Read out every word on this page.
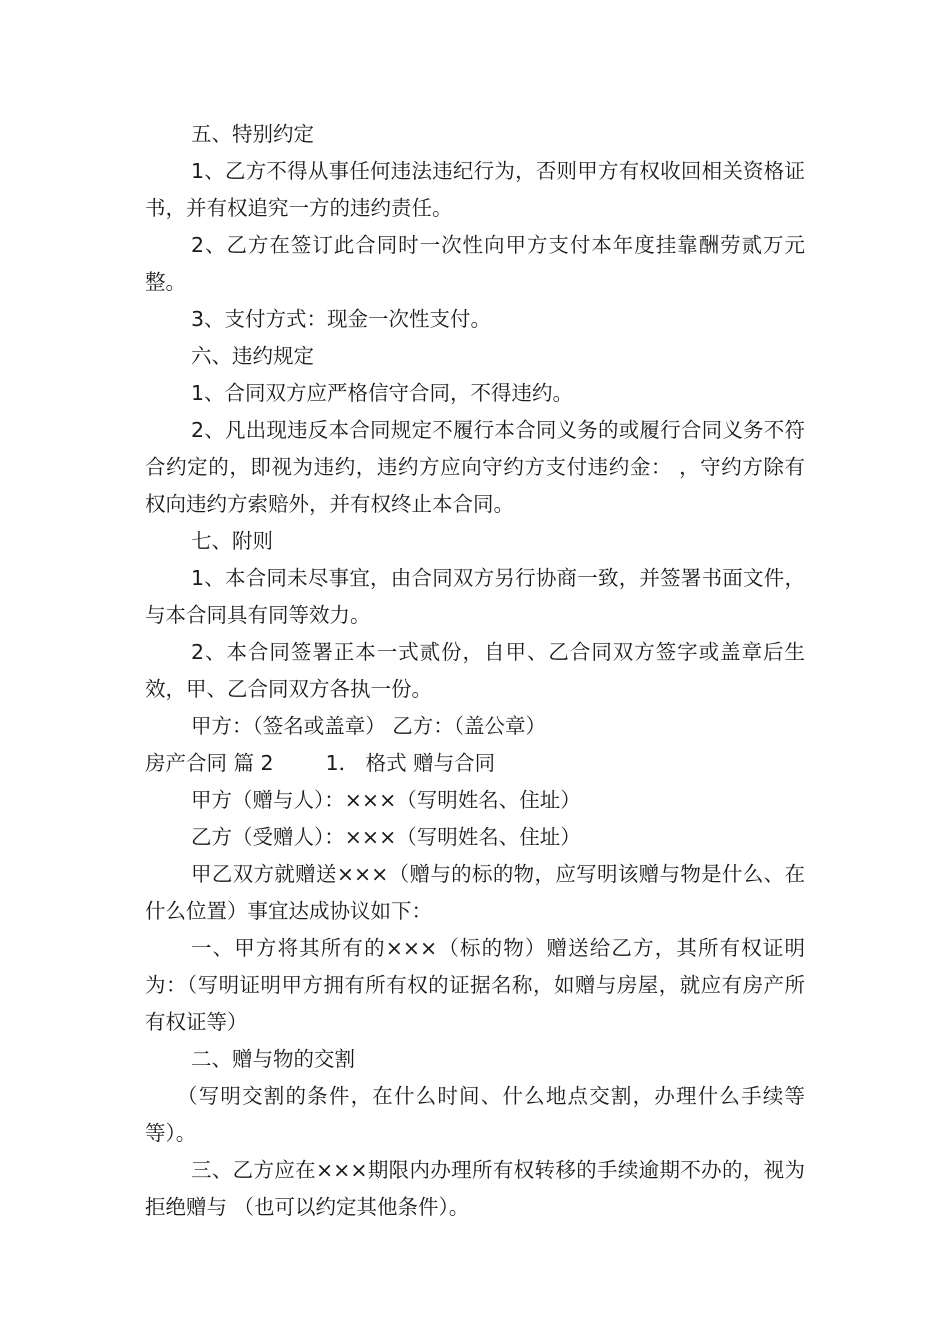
五、特别约定

1、乙方不得从事任何违法违纪行为，否则甲方有权收回相关资格证书，并有权追究一方的违约责任。

2、乙方在签订此合同时一次性向甲方支付本年度挂靠酬劳贰万元整。

3、支付方式：现金一次性支付。

六、违约规定

1、合同双方应严格信守合同，不得违约。

2、凡出现违反本合同规定不履行本合同义务的或履行合同义务不符合约定的，即视为违约，违约方应向守约方支付违约金： ，守约方除有权向违约方索赔外，并有权终止本合同。

七、附则

1、本合同未尽事宜，由合同双方另行协商一致，并签署书面文件，与本合同具有同等效力。

2、本合同签署正本一式贰份，自甲、乙合同双方签字或盖章后生效，甲、乙合同双方各执一份。

甲方：（签名或盖章） 乙方：（盖公章）

房产合同 篇 2	1． 格式 赠与合同

甲方（赠与人）：×××（写明姓名、住址）

乙方（受赠人）：×××（写明姓名、住址）

甲乙双方就赠送×××（赠与的标的物，应写明该赠与物是什么、在什么位置）事宜达成协议如下：

一、甲方将其所有的×××（标的物）赠送给乙方，其所有权证明为：（写明证明甲方拥有所有权的证据名称，如赠与房屋，就应有房产所有权证等）

二、赠与物的交割

（写明交割的条件，在什么时间、什么地点交割，办理什么手续等等）。

三、乙方应在×××期限内办理所有权转移的手续逾期不办的，视为拒绝赠与 （也可以约定其他条件）。
